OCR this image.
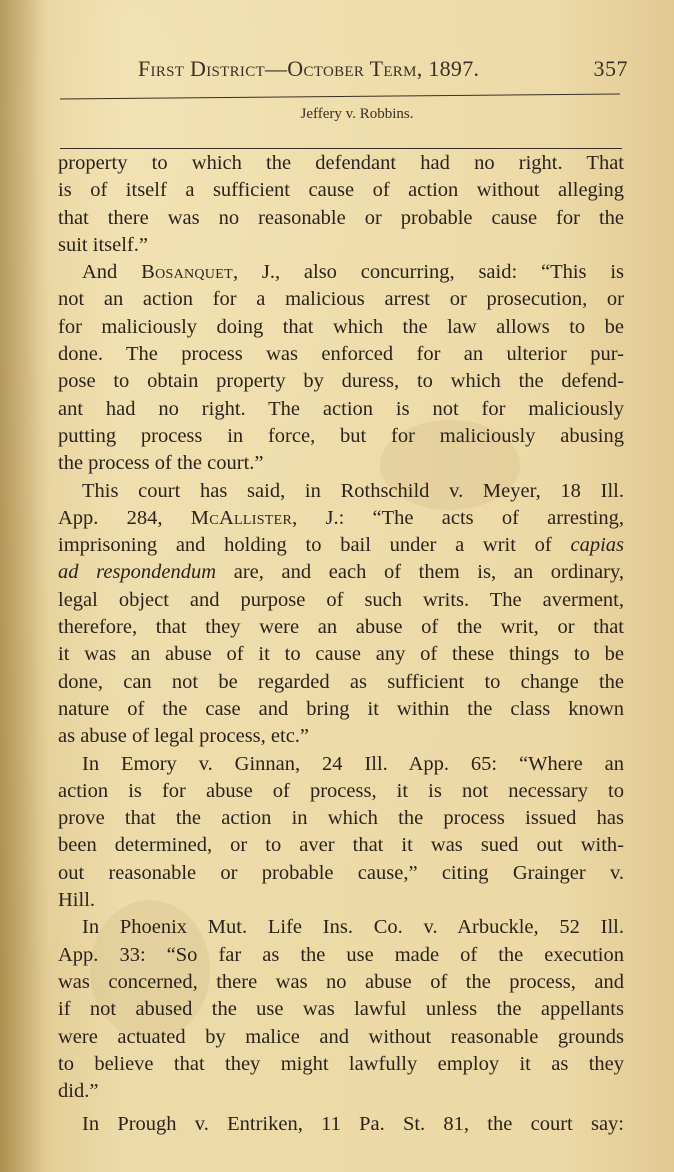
First District—October Term, 1897.	357
Jeffery v. Robbins.
property to which the defendant had no right. That
is of itself a sufficient cause of action without alleging
that there was no reasonable or probable cause for the
suit itself.”
And Bosanquet, J., also concurring, said: “This is
not an action for a malicious arrest or prosecution, or
for maliciously doing that which the law allows to be
done. The process was enforced for an ulterior pur-
pose to obtain property by duress, to which the defend-
ant had no right. The action is not for maliciously
putting process in force, but for maliciously abusing
the process of the court.”
This court has said, in Rothschild v. Meyer, 18 Ill.
App. 284, McAllister, J.: “The acts of arresting,
imprisoning and holding to bail under a writ of capias
ad respondendum are, and each of them is, an ordinary,
legal object and purpose of such writs. The averment,
therefore, that they were an abuse of the writ, or that
it was an abuse of it to cause any of these things to be
done, can not be regarded as sufficient to change the
nature of the case and bring it within the class known
as abuse of legal process, etc.”
In Emory v. Ginnan, 24 Ill. App. 65: “Where an
action is for abuse of process, it is not necessary to
prove that the action in which the process issued has
been determined, or to aver that it was sued out with-
out reasonable or probable cause,” citing Grainger v.
Hill.
In Phoenix Mut. Life Ins. Co. v. Arbuckle, 52 Ill.
App. 33: “So far as the use made of the execution
was concerned, there was no abuse of the process, and
if not abused the use was lawful unless the appellants
were actuated by malice and without reasonable grounds
to believe that they might lawfully employ it as they
did.”
In Prough v. Entriken, 11 Pa. St. 81, the court say:
